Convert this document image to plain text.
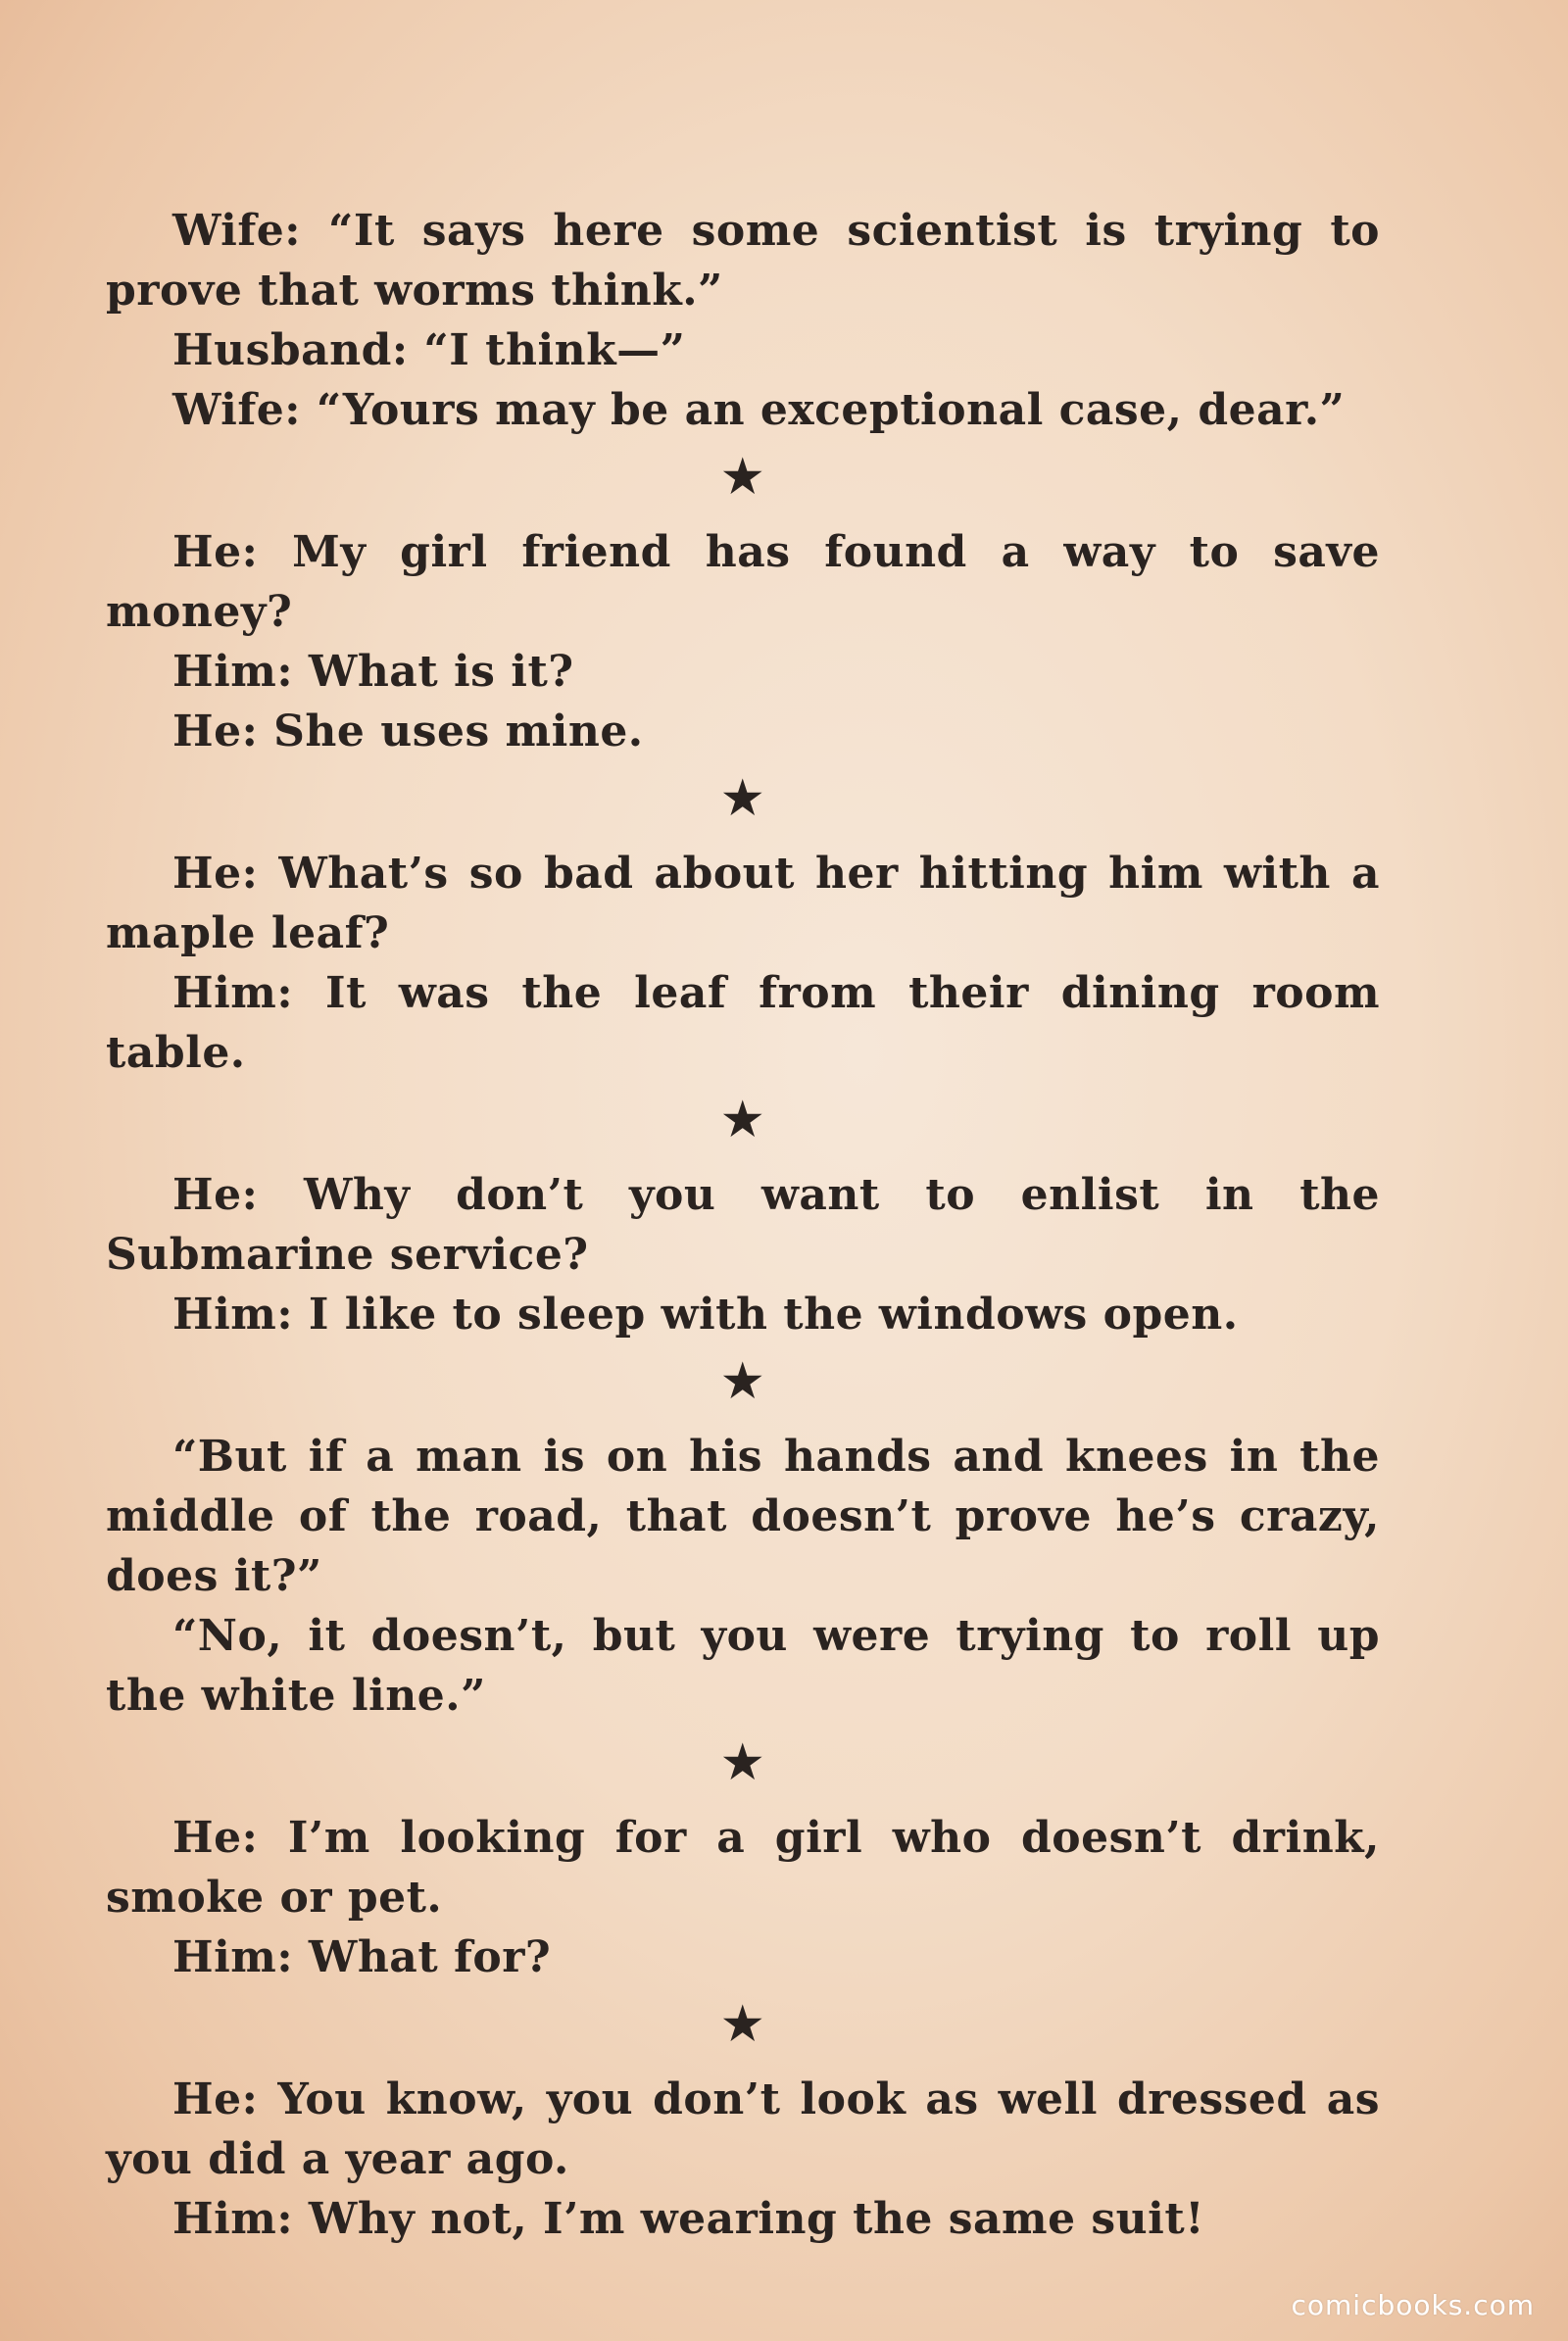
Wife: “It says here some scientist is trying to prove that worms think.”

Husband: “I think—”

Wife: “Yours may be an exceptional case, dear.”

★

He: My girl friend has found a way to save money?

Him: What is it?

He: She uses mine.

★

He: What’s so bad about her hitting him with a maple leaf?

Him: It was the leaf from their dining room table.

★

He: Why don’t you want to enlist in the Submarine service?

Him: I like to sleep with the windows open.

★

“But if a man is on his hands and knees in the middle of the road, that doesn’t prove he’s crazy, does it?”

“No, it doesn’t, but you were trying to roll up the white line.”

★

He: I’m looking for a girl who doesn’t drink, smoke or pet.

Him: What for?

★

He: You know, you don’t look as well dressed as you did a year ago.

Him: Why not, I’m wearing the same suit!

comicbooks.com
